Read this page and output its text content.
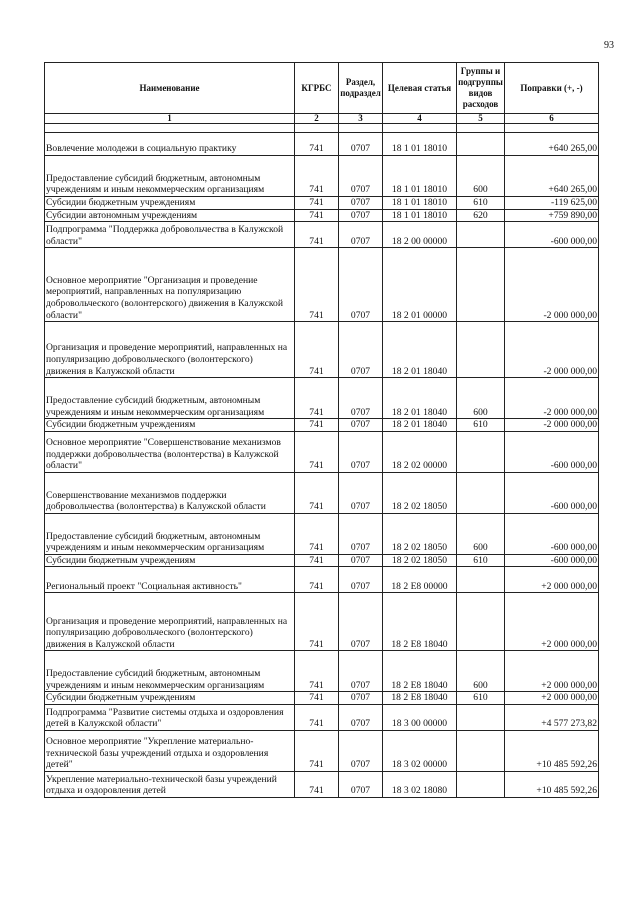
93
Наименование	КГРБС	Раздел, подраздел	Целевая статья	Группы и подгруппы видов расходов	Поправки (+, -)
1	2	3	4	5	6

Вовлечение молодежи в социальную практику	741	0707	18 1 01 18010		+640 265,00
Предоставление субсидий бюджетным, автономным учреждениям и иным некоммерческим организациям	741	0707	18 1 01 18010	600	+640 265,00
Субсидии бюджетным учреждениям	741	0707	18 1 01 18010	610	-119 625,00
Субсидии автономным учреждениям	741	0707	18 1 01 18010	620	+759 890,00
Подпрограмма "Поддержка добровольчества в Калужской области"	741	0707	18 2 00 00000		-600 000,00
Основное мероприятие "Организация и проведение мероприятий, направленных на популяризацию добровольческого (волонтерского) движения в Калужской области"	741	0707	18 2 01 00000		-2 000 000,00
Организация и проведение мероприятий, направленных на популяризацию добровольческого (волонтерского) движения в Калужской области	741	0707	18 2 01 18040		-2 000 000,00
Предоставление субсидий бюджетным, автономным учреждениям и иным некоммерческим организациям	741	0707	18 2 01 18040	600	-2 000 000,00
Субсидии бюджетным учреждениям	741	0707	18 2 01 18040	610	-2 000 000,00
Основное мероприятие "Совершенствование механизмов поддержки добровольчества (волонтерства) в Калужской области"	741	0707	18 2 02 00000		-600 000,00
Совершенствование механизмов поддержки добровольчества (волонтерства) в Калужской области	741	0707	18 2 02 18050		-600 000,00
Предоставление субсидий бюджетным, автономным учреждениям и иным некоммерческим организациям	741	0707	18 2 02 18050	600	-600 000,00
Субсидии бюджетным учреждениям	741	0707	18 2 02 18050	610	-600 000,00
Региональный проект "Социальная активность"	741	0707	18 2 E8 00000		+2 000 000,00
Организация и проведение мероприятий, направленных на популяризацию добровольческого (волонтерского) движения в Калужской области	741	0707	18 2 E8 18040		+2 000 000,00
Предоставление субсидий бюджетным, автономным учреждениям и иным некоммерческим организациям	741	0707	18 2 E8 18040	600	+2 000 000,00
Субсидии бюджетным учреждениям	741	0707	18 2 E8 18040	610	+2 000 000,00
Подпрограмма "Развитие системы отдыха и оздоровления детей в Калужской области"	741	0707	18 3 00 00000		+4 577 273,82
Основное мероприятие "Укрепление материально-технической базы учреждений отдыха и оздоровления детей"	741	0707	18 3 02 00000		+10 485 592,26
Укрепление материально-технической базы учреждений отдыха и оздоровления детей	741	0707	18 3 02 18080		+10 485 592,26
